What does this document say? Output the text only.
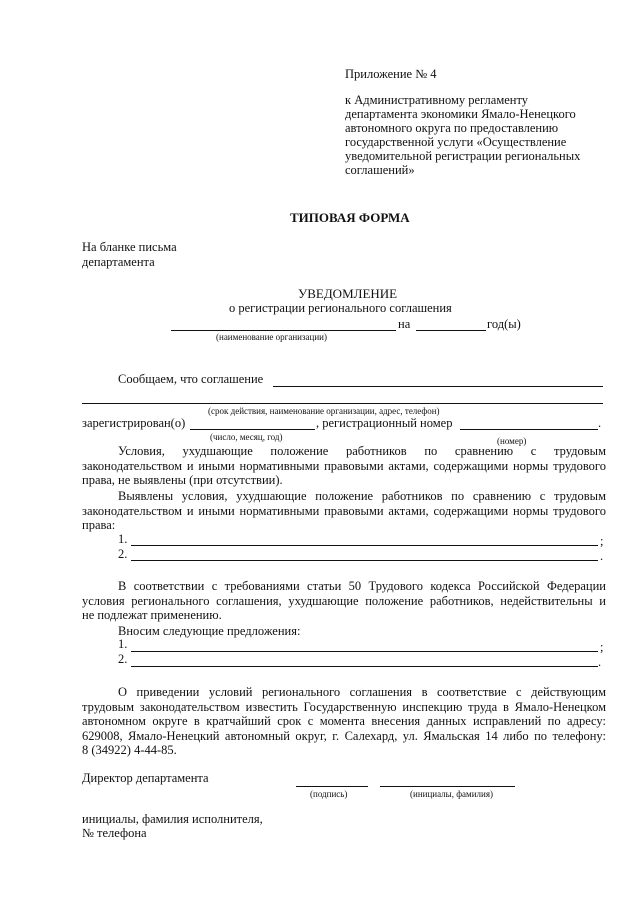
Приложение № 4
к Административному регламенту
департамента экономики Ямало-Ненецкого
автономного округа по предоставлению
государственной услуги «Осуществление
уведомительной регистрации региональных
соглашений»
ТИПОВАЯ ФОРМА
На бланке письма
департамента
УВЕДОМЛЕНИЕ
о регистрации регионального соглашения
на	год(ы)
(наименование организации)
Сообщаем, что соглашение
(срок действия, наименование организации, адрес, телефон)
зарегистрирован(о)	, регистрационный номер	.
(число, месяц, год)	(номер)
Условия, ухудшающие положение работников по сравнению с трудовым
законодательством и иными нормативными правовыми актами, содержащими нормы трудового
права, не выявлены (при отсутствии).
Выявлены условия, ухудшающие положение работников по сравнению с трудовым
законодательством и иными нормативными правовыми актами, содержащими нормы трудового
права:
1.	;
2.	.
В соответствии с требованиями статьи 50 Трудового кодекса Российской Федерации
условия регионального соглашения, ухудшающие положение работников, недействительны и
не подлежат применению.
Вносим следующие предложения:
1.	;
2.	.
О приведении условий регионального соглашения в соответствие с действующим
трудовым законодательством известить Государственную инспекцию труда в Ямало-Ненецком
автономном округе в кратчайший срок с момента внесения данных исправлений по адресу:
629008, Ямало-Ненецкий автономный округ, г. Салехард, ул. Ямальская 14 либо по телефону:
8 (34922) 4-44-85.
Директор департамента
(подпись)	(инициалы, фамилия)
инициалы, фамилия исполнителя,
№ телефона
